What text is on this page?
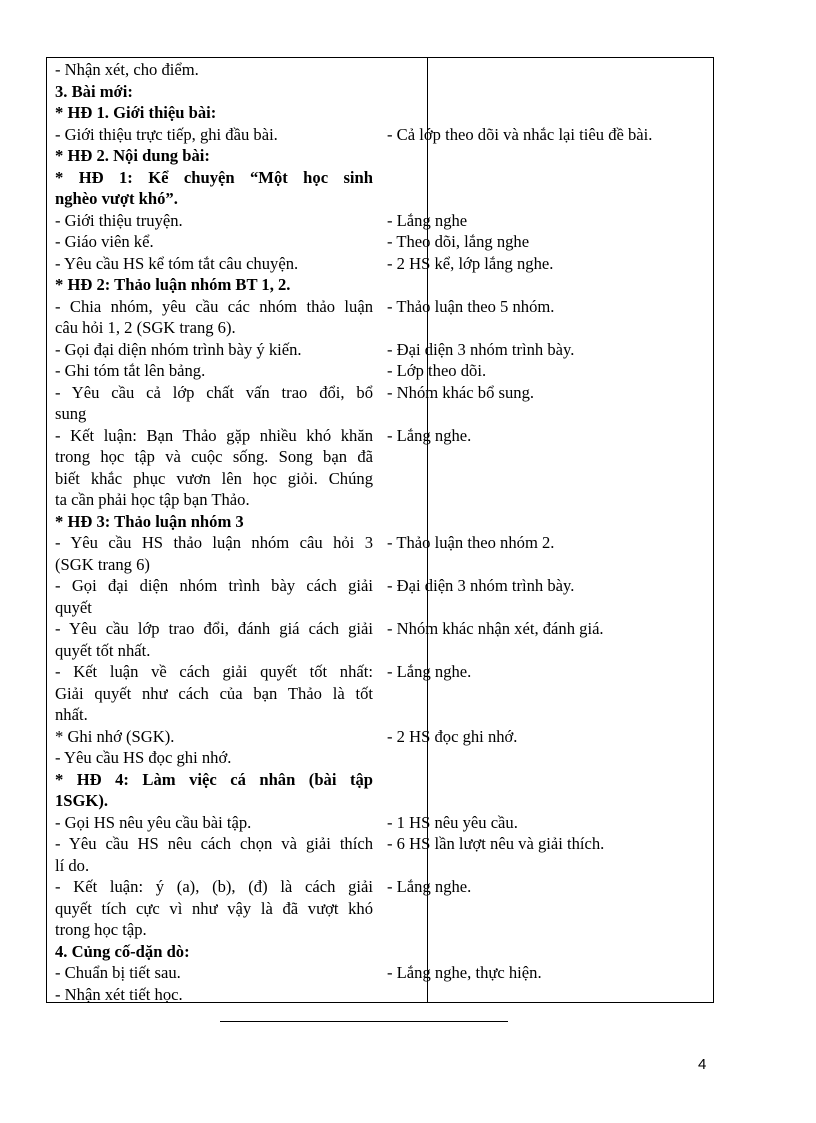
- Nhận xét, cho điểm.
3. Bài mới:
* HĐ 1. Giới thiệu bài:
- Giới thiệu trực tiếp, ghi đầu bài.
* HĐ 2. Nội dung bài:
* HĐ 1: Kể chuyện “Một học sinh
nghèo vượt khó”.
- Giới thiệu truyện.
- Giáo viên kể.
- Yêu cầu HS kể tóm tắt câu chuyện.
* HĐ 2: Thảo luận nhóm BT 1, 2.
- Chia nhóm, yêu cầu các nhóm thảo luận
câu hỏi 1, 2 (SGK trang 6).
- Gọi đại diện nhóm trình bày ý kiến.
- Ghi tóm tắt lên bảng.
- Yêu cầu cả lớp chất vấn trao đổi, bổ
sung
- Kết luận: Bạn Thảo gặp nhiều khó khăn
trong học tập và cuộc sống. Song bạn đã
biết khắc phục vươn lên học giỏi. Chúng
ta cần phải học tập bạn Thảo.
* HĐ 3: Thảo luận nhóm 3
- Yêu cầu HS thảo luận nhóm câu hỏi 3
(SGK trang 6)
- Gọi đại diện nhóm trình bày cách giải
quyết
- Yêu cầu lớp trao đổi, đánh giá cách giải
quyết tốt nhất.
- Kết luận về cách giải quyết tốt nhất:
Giải quyết như cách của bạn Thảo là tốt
nhất.
* Ghi nhớ (SGK).
- Yêu cầu HS đọc ghi nhớ.
* HĐ 4: Làm việc cá nhân (bài tập
1SGK).
- Gọi HS nêu yêu cầu bài tập.
- Yêu cầu HS nêu cách chọn và giải thích
lí do.
- Kết luận: ý (a), (b), (đ) là cách giải
quyết tích cực vì như vậy là đã vượt khó
trong học tập.
4. Củng cố-dặn dò:
- Chuẩn bị tiết sau.
- Nhận xét tiết học.
- Cả lớp theo dõi và nhắc lại tiêu đề bài.
- Lắng nghe
- Theo dõi, lắng nghe
- 2 HS kể, lớp lắng nghe.
- Thảo luận theo 5 nhóm.
- Đại diện 3 nhóm trình bày.
- Lớp theo dõi.
- Nhóm khác bổ sung.
- Lắng nghe.
- Thảo luận theo nhóm 2.
- Đại diện 3 nhóm trình bày.
- Nhóm khác nhận xét, đánh giá.
- Lắng nghe.
- 2 HS đọc ghi nhớ.
- 1 HS nêu yêu cầu.
- 6 HS lần lượt nêu và giải thích.
- Lắng nghe.
- Lắng nghe, thực hiện.
4
